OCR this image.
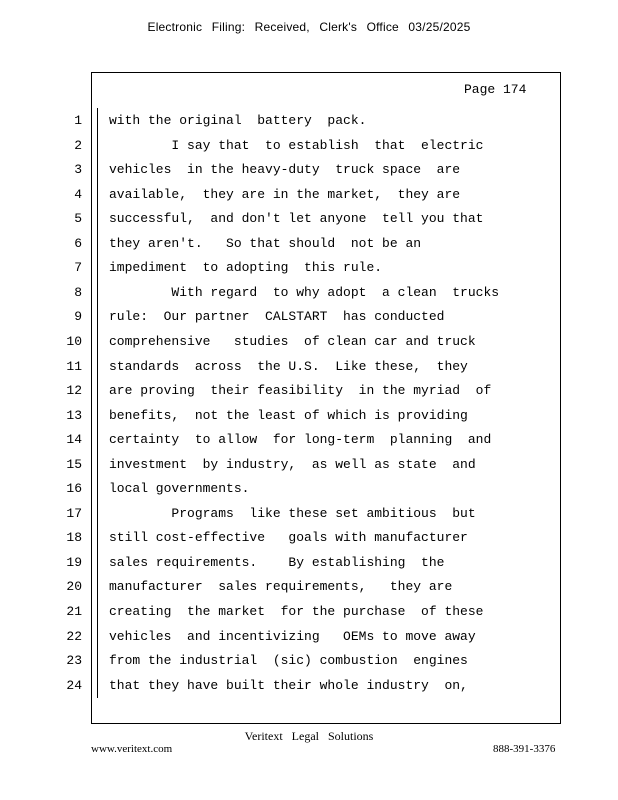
Electronic Filing: Received, Clerk's Office 03/25/2025
Page 174
1 with the original  battery  pack.
2 I say that  to establish  that  electric
3 vehicles  in the heavy-duty  truck space  are
4 available,  they are in the market,  they are
5 successful,  and don't let anyone  tell you that
6 they aren't.   So that should  not be an
7 impediment  to adopting  this rule.
8 With regard  to why adopt  a clean  trucks
9 rule:  Our partner  CALSTART  has conducted
10 comprehensive   studies  of clean car and truck
11 standards  across  the U.S.  Like these,  they
12 are proving  their feasibility  in the myriad  of
13 benefits,  not the least of which is providing
14 certainty  to allow  for long-term  planning  and
15 investment  by industry,  as well as state  and
16 local governments.
17 Programs  like these set ambitious  but
18 still cost-effective   goals with manufacturer
19 sales requirements.    By establishing  the
20 manufacturer  sales requirements,   they are
21 creating  the market  for the purchase  of these
22 vehicles  and incentivizing   OEMs to move away
23 from the industrial  (sic) combustion  engines
24 that they have built their whole industry  on,
Veritext Legal Solutions
www.veritext.com	888-391-3376
